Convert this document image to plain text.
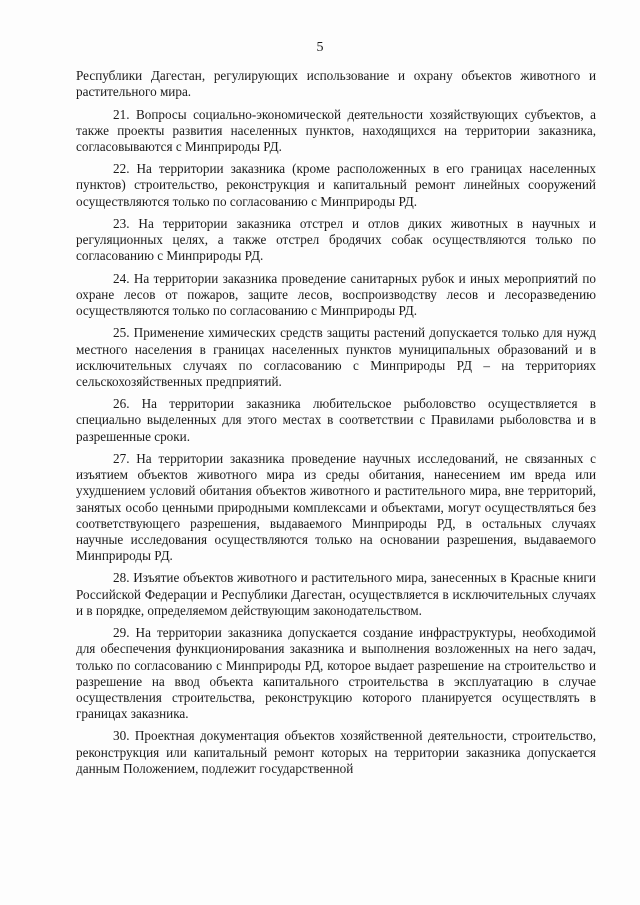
5

Республики Дагестан, регулирующих использование и охрану объектов животного и растительного мира.

21. Вопросы социально-экономической деятельности хозяйствующих субъектов, а также проекты развития населенных пунктов, находящихся на территории заказника, согласовываются с Минприроды РД.

22. На территории заказника (кроме расположенных в его границах населенных пунктов) строительство, реконструкция и капитальный ремонт линейных сооружений осуществляются только по согласованию с Минприроды РД.

23. На территории заказника отстрел и отлов диких животных в научных и регуляционных целях, а также отстрел бродячих собак осуществляются только по согласованию с Минприроды РД.

24. На территории заказника проведение санитарных рубок и иных мероприятий по охране лесов от пожаров, защите лесов, воспроизводству лесов и лесоразведению осуществляются только по согласованию с Минприроды РД.

25. Применение химических средств защиты растений допускается только для нужд местного населения в границах населенных пунктов муниципальных образований и в исключительных случаях по согласованию с Минприроды РД – на территориях сельскохозяйственных предприятий.

26. На территории заказника любительское рыболовство осуществляется в специально выделенных для этого местах в соответствии с Правилами рыболовства и в разрешенные сроки.

27. На территории заказника проведение научных исследований, не связанных с изъятием объектов животного мира из среды обитания, нанесением им вреда или ухудшением условий обитания объектов животного и растительного мира, вне территорий, занятых особо ценными природными комплексами и объектами, могут осуществляться без соответствующего разрешения, выдаваемого Минприроды РД, в остальных случаях научные исследования осуществляются только на основании разрешения, выдаваемого Минприроды РД.

28. Изъятие объектов животного и растительного мира, занесенных в Красные книги Российской Федерации и Республики Дагестан, осуществляется в исключительных случаях и в порядке, определяемом действующим законодательством.

29. На территории заказника допускается создание инфраструктуры, необходимой для обеспечения функционирования заказника и выполнения возложенных на него задач, только по согласованию с Минприроды РД, которое выдает разрешение на строительство и разрешение на ввод объекта капитального строительства в эксплуатацию в случае осуществления строительства, реконструкцию которого планируется осуществлять в границах заказника.

30. Проектная документация объектов хозяйственной деятельности, строительство, реконструкция или капитальный ремонт которых на территории заказника допускается данным Положением, подлежит государственной
